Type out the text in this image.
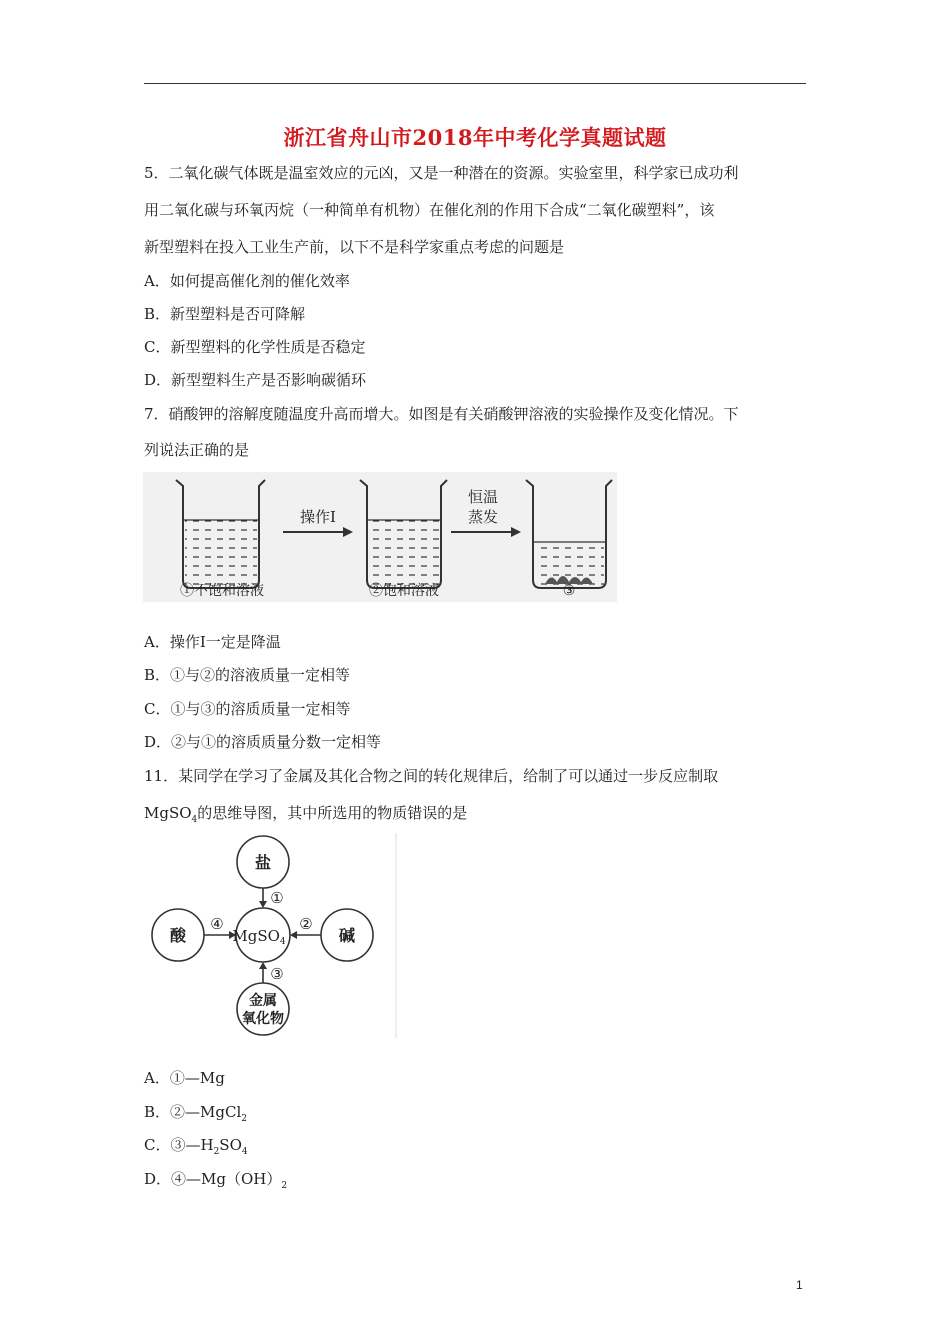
浙江省舟山市2018年中考化学真题试题
5．二氧化碳气体既是温室效应的元凶，又是一种潜在的资源。实验室里，科学家已成功利
用二氧化碳与环氧丙烷（一种简单有机物）在催化剂的作用下合成“二氧化碳塑料”，该
新型塑料在投入工业生产前，以下不是科学家重点考虑的问题是
A．如何提高催化剂的催化效率
B．新型塑料是否可降解
C．新型塑料的化学性质是否稳定
D．新型塑料生产是否影响碳循环
7．硝酸钾的溶解度随温度升高而增大。如图是有关硝酸钾溶液的实验操作及变化情况。下
列说法正确的是
操作Ⅰ
恒温
蒸发
①不饱和溶液	②饱和溶液	③
A．操作Ⅰ一定是降温
B．①与②的溶液质量一定相等
C．①与③的溶质质量一定相等
D．②与①的溶质质量分数一定相等
11．某同学在学习了金属及其化合物之间的转化规律后，给制了可以通过一步反应制取
MgSO$_4$的思维导图，其中所选用的物质错误的是
盐
酸	碱
MgSO$_4$
金属
氧化物
①
②
③
④
A．①—Mg
B．②—MgCl$_2$
C．$③—H_2SO_4$
D．$④—Mg(OH)_2$
1
